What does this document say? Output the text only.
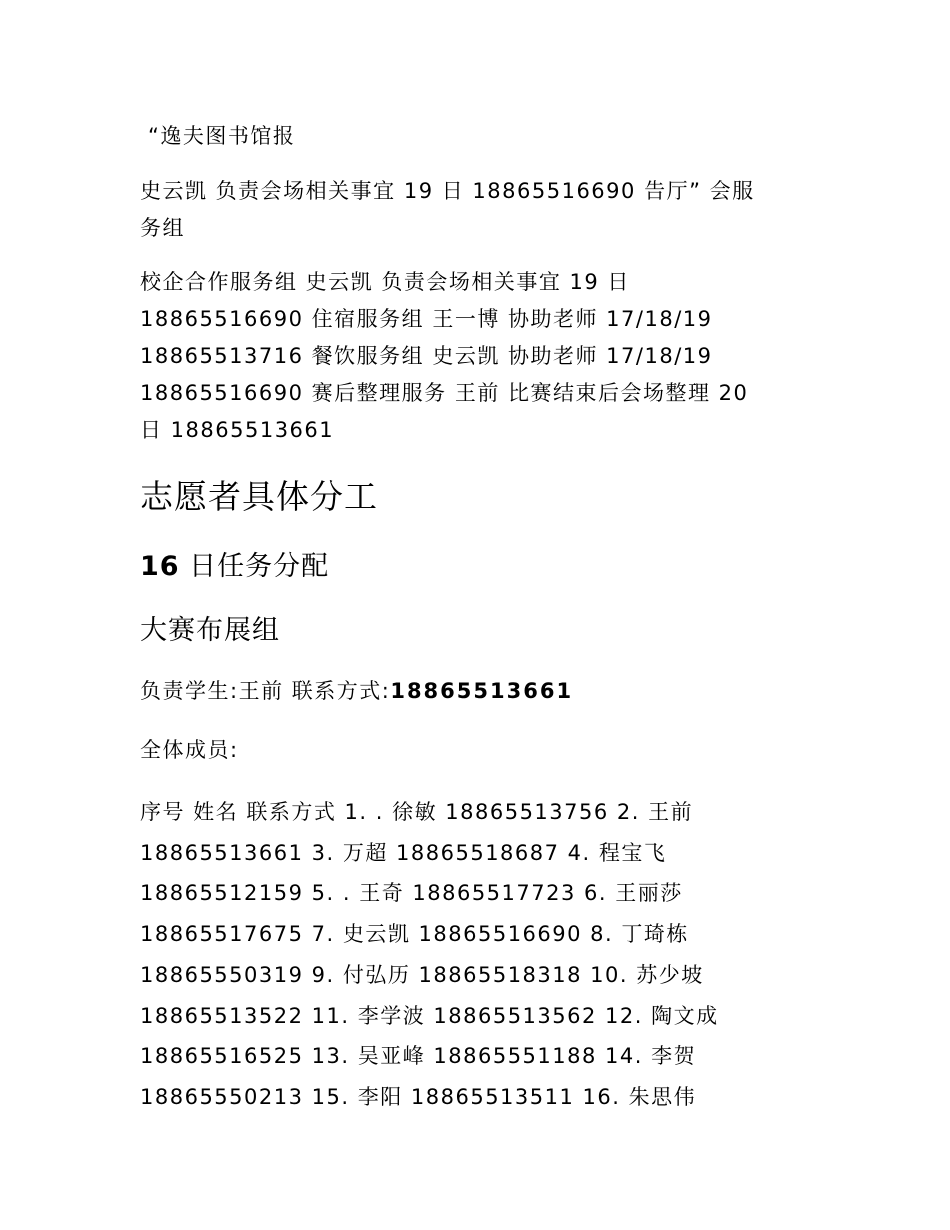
“逸夫图书馆报

史云凯 负责会场相关事宜 19 日 18865516690 告厅” 会服
务组

校企合作服务组 史云凯 负责会场相关事宜 19 日
18865516690 住宿服务组 王一博 协助老师 17/18/19
18865513716 餐饮服务组 史云凯 协助老师 17/18/19
18865516690 赛后整理服务 王前 比赛结束后会场整理 20
日 18865513661

志愿者具体分工
16 日任务分配
大赛布展组

负责学生:王前 联系方式:18865513661

全体成员:

序号 姓名 联系方式 1. . 徐敏 18865513756 2. 王前
18865513661 3. 万超 18865518687 4. 程宝飞
18865512159 5. . 王奇 18865517723 6. 王丽莎
18865517675 7. 史云凯 18865516690 8. 丁琦栋
18865550319 9. 付弘历 18865518318 10. 苏少坡
18865513522 11. 李学波 18865513562 12. 陶文成
18865516525 13. 吴亚峰 18865551188 14. 李贺
18865550213 15. 李阳 18865513511 16. 朱思伟
